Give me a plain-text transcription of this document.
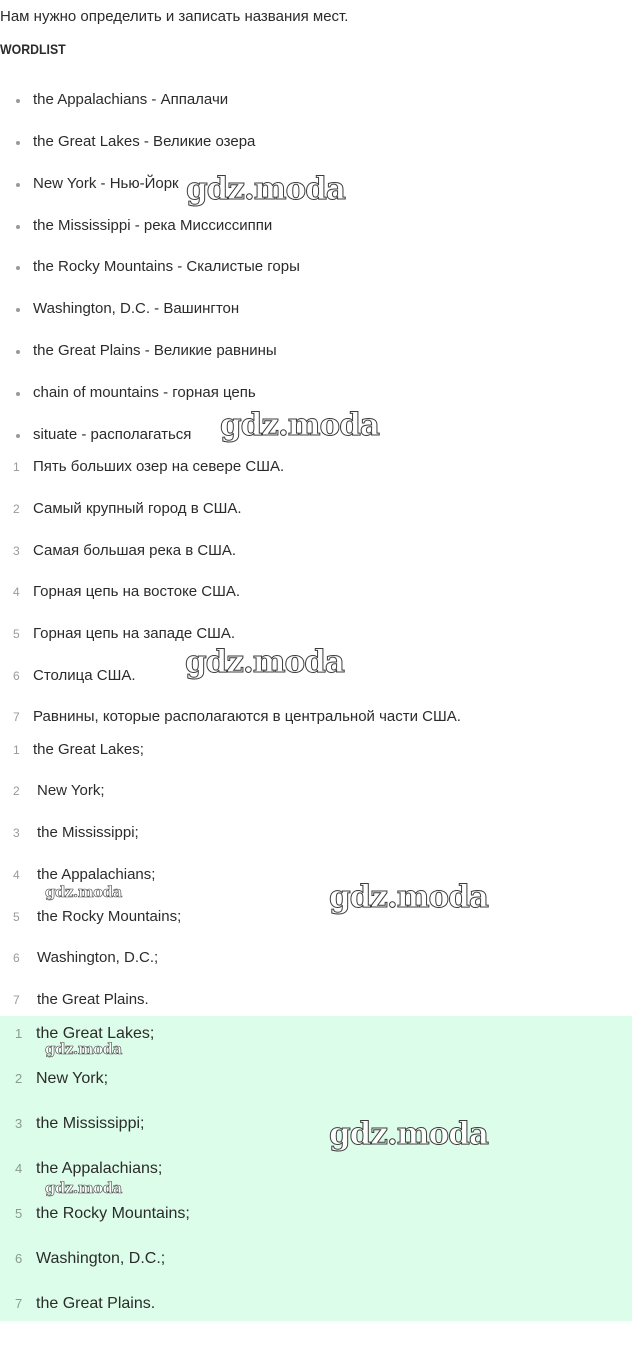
Нам нужно определить и записать названия мест.
WORDLIST
the Appalachians - Аппалачи
the Great Lakes - Великие озера
New York - Нью-Йорк
the Mississippi - река Миссиссиппи
the Rocky Mountains - Скалистые горы
Washington, D.C. - Вашингтон
the Great Plains - Великие равнины
chain of mountains - горная цепь
situate - располагаться
1 Пять больших озер на севере США.
2 Самый крупный город в США.
3 Самая большая река в США.
4 Горная цепь на востоке США.
5 Горная цепь на западе США.
6 Столица США.
7 Равнины, которые располагаются в центральной части США.
1 the Great Lakes;
2 New York;
3 the Mississippi;
4 the Appalachians;
5 the Rocky Mountains;
6 Washington, D.C.;
7 the Great Plains.
1 the Great Lakes;
2 New York;
3 the Mississippi;
4 the Appalachians;
5 the Rocky Mountains;
6 Washington, D.C.;
7 the Great Plains.
gdz.moda
gdz.moda
gdz.moda
gdz.moda	gdz.moda
gdz.moda
gdz.moda
gdz.moda
